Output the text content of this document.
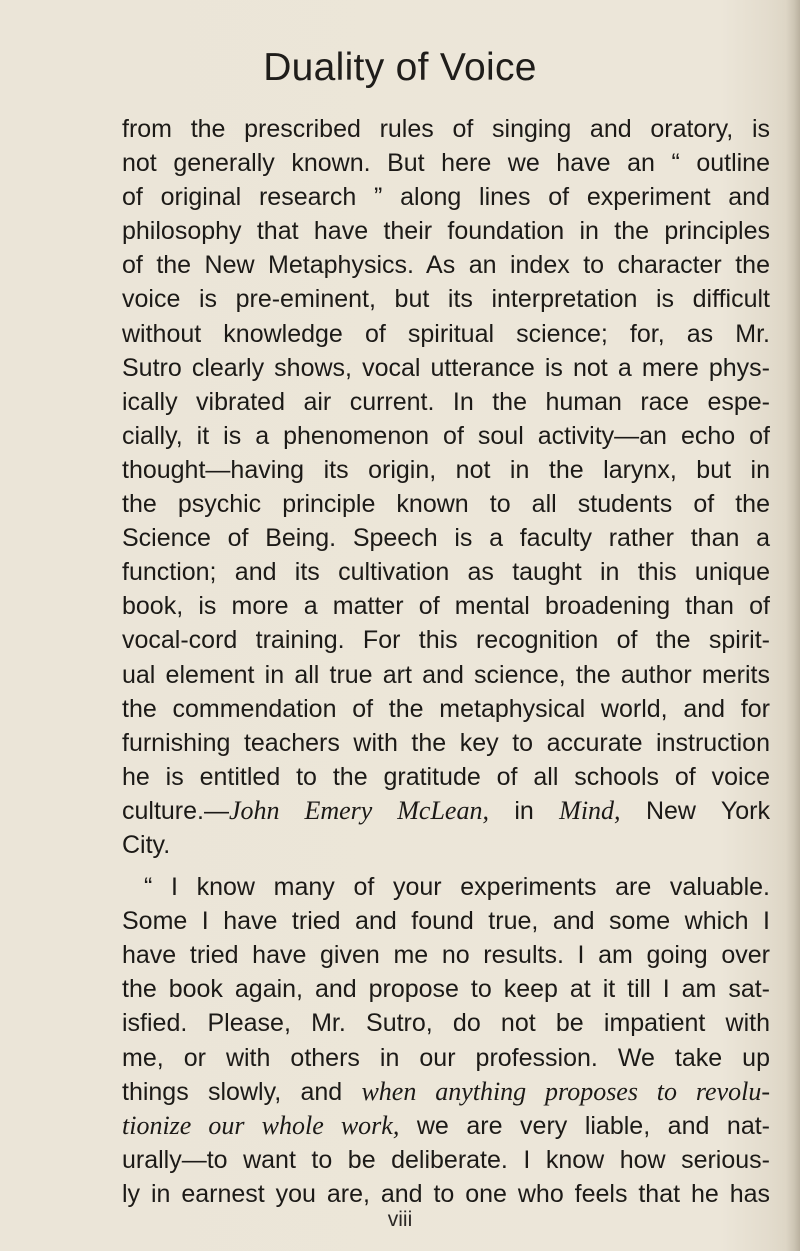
Duality of Voice
from the prescribed rules of singing and oratory, is
not generally known. But here we have an “ outline
of original research ” along lines of experiment and
philosophy that have their foundation in the principles
of the New Metaphysics. As an index to character the
voice is pre-eminent, but its interpretation is difficult
without knowledge of spiritual science; for, as Mr.
Sutro clearly shows, vocal utterance is not a mere phys-
ically vibrated air current. In the human race espe-
cially, it is a phenomenon of soul activity—an echo of
thought—having its origin, not in the larynx, but in
the psychic principle known to all students of the
Science of Being. Speech is a faculty rather than a
function; and its cultivation as taught in this unique
book, is more a matter of mental broadening than of
vocal-cord training. For this recognition of the spirit-
ual element in all true art and science, the author merits
the commendation of the metaphysical world, and for
furnishing teachers with the key to accurate instruction
he is entitled to the gratitude of all schools of voice
culture.—John Emery McLean, in Mind, New York
City.
“ I know many of your experiments are valuable.
Some I have tried and found true, and some which I
have tried have given me no results. I am going over
the book again, and propose to keep at it till I am sat-
isfied. Please, Mr. Sutro, do not be impatient with
me, or with others in our profession. We take up
things slowly, and when anything proposes to revolu-
tionize our whole work, we are very liable, and nat-
urally—to want to be deliberate. I know how serious-
ly in earnest you are, and to one who feels that he has
viii
